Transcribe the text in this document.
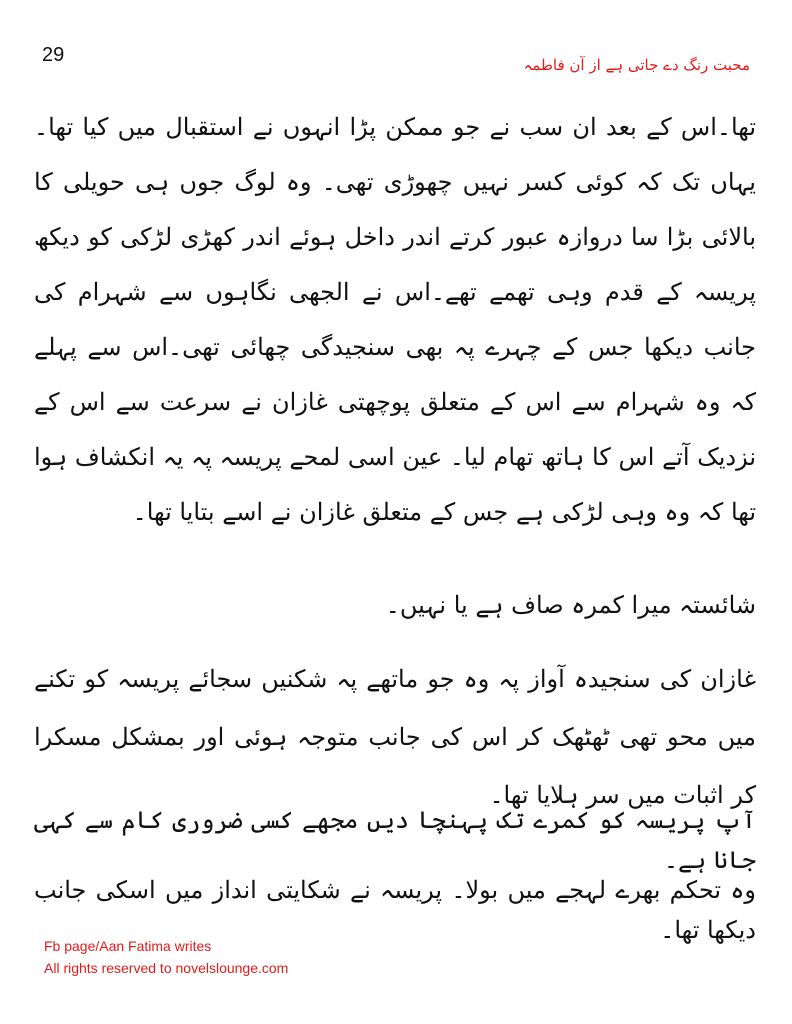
29	محبت رنگ دے جاتی ہے از آن فاطمہ

تھا۔اس کے بعد ان سب نے جو ممکن پڑا انہوں نے استقبال میں کیا تھا۔یہاں تک کہ کوئی کسر نہیں چھوڑی تھی۔ وہ لوگ جوں ہی حویلی کا بالائی بڑا سا دروازہ عبور کرتے اندر داخل ہوئے اندر کھڑی لڑکی کو دیکھ پریسہ کے قدم وہی تھمے تھے۔اس نے الجھی نگاہوں سے شہرام کی جانب دیکھا جس کے چہرے پہ بھی سنجیدگی چھائی تھی۔اس سے پہلے کہ وہ شہرام سے اس کے متعلق پوچھتی غازان نے سرعت سے اس کے نزدیک آتے اس کا ہاتھ تھام لیا۔ عین اسی لمحے پریسہ پہ یہ انکشاف ہوا تھا کہ وہ وہی لڑکی ہے جس کے متعلق غازان نے اسے بتایا تھا۔

شائستہ میرا کمرہ صاف ہے یا نہیں۔

غازان کی سنجیدہ آواز پہ وہ جو ماتھے پہ شکنیں سجائے پریسہ کو تکنے میں محو تھی ٹھٹھک کر اس کی جانب متوجہ ہوئی اور بمشکل مسکرا کر اثبات میں سر ہلایا تھا۔

آپ پریسہ کو کمرے تک پہنچا دیں مجھے کسی ضروری کام سے کہی جانا ہے۔

وہ تحکم بھرے لہجے میں بولا۔ پریسہ نے شکایتی انداز میں اسکی جانب دیکھا تھا۔

Fb page/Aan Fatima writes
All rights reserved to novelslounge.com
